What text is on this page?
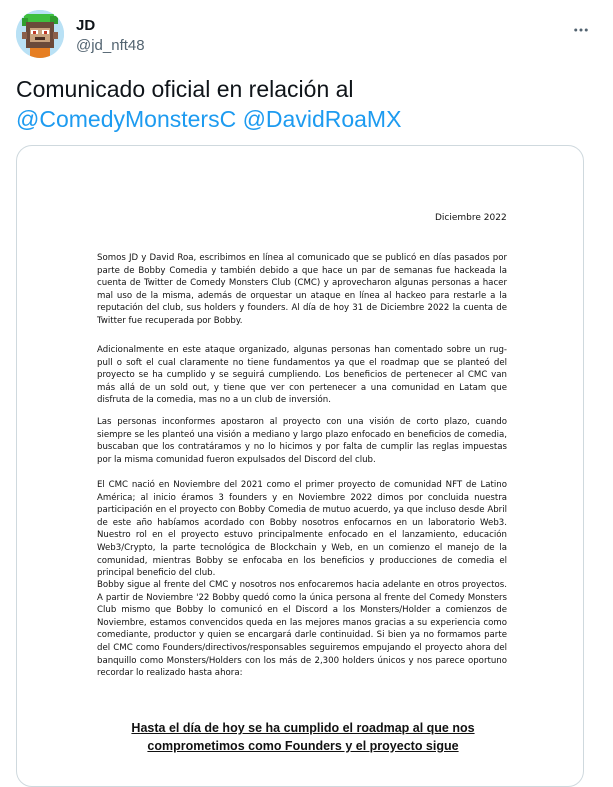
JD
@jd_nft48
Comunicado oficial en relación al
@ComedyMonstersC @DavidRoaMX
Diciembre 2022

Somos JD y David Roa, escribimos en línea al comunicado que se publicó en días pasados por parte de Bobby Comedia y también debido a que hace un par de semanas fue hackeada la cuenta de Twitter de Comedy Monsters Club (CMC) y aprovecharon algunas personas a hacer mal uso de la misma, además de orquestar un ataque en línea al hackeo para restarle a la reputación del club, sus holders y founders. Al día de hoy 31 de Diciembre 2022 la cuenta de Twitter fue recuperada por Bobby.

Adicionalmente en este ataque organizado, algunas personas han comentado sobre un rug-pull o soft el cual claramente no tiene fundamentos ya que el roadmap que se planteó del proyecto se ha cumplido y se seguirá cumpliendo. Los beneficios de pertenecer al CMC van más allá de un sold out, y tiene que ver con pertenecer a una comunidad en Latam que disfruta de la comedia, mas no a un club de inversión.

Las personas inconformes apostaron al proyecto con una visión de corto plazo, cuando siempre se les planteó una visión a mediano y largo plazo enfocado en beneficios de comedia, buscaban que los contratáramos y no lo hicimos y por falta de cumplir las reglas impuestas por la misma comunidad fueron expulsados del Discord del club.

El CMC nació en Noviembre del 2021 como el primer proyecto de comunidad NFT de Latino América; al inicio éramos 3 founders y en Noviembre 2022 dimos por concluida nuestra participación en el proyecto con Bobby Comedia de mutuo acuerdo, ya que incluso desde Abril de este año habíamos acordado con Bobby nosotros enfocarnos en un laboratorio Web3. Nuestro rol en el proyecto estuvo principalmente enfocado en el lanzamiento, educación Web3/Crypto, la parte tecnológica de Blockchain y Web, en un comienzo el manejo de la comunidad, mientras Bobby se enfocaba en los beneficios y producciones de comedia el principal beneficio del club.

Bobby sigue al frente del CMC y nosotros nos enfocaremos hacia adelante en otros proyectos. A partir de Noviembre '22 Bobby quedó como la única persona al frente del Comedy Monsters Club mismo que Bobby lo comunicó en el Discord a los Monsters/Holder a comienzos de Noviembre, estamos convencidos queda en las mejores manos gracias a su experiencia como comediante, productor y quien se encargará darle continuidad. Si bien ya no formamos parte del CMC como Founders/directivos/responsables seguiremos empujando el proyecto ahora del banquillo como Monsters/Holders con los más de 2,300 holders únicos y nos parece oportuno recordar lo realizado hasta ahora:

Hasta el día de hoy se ha cumplido el roadmap al que nos comprometimos como Founders y el proyecto sigue
